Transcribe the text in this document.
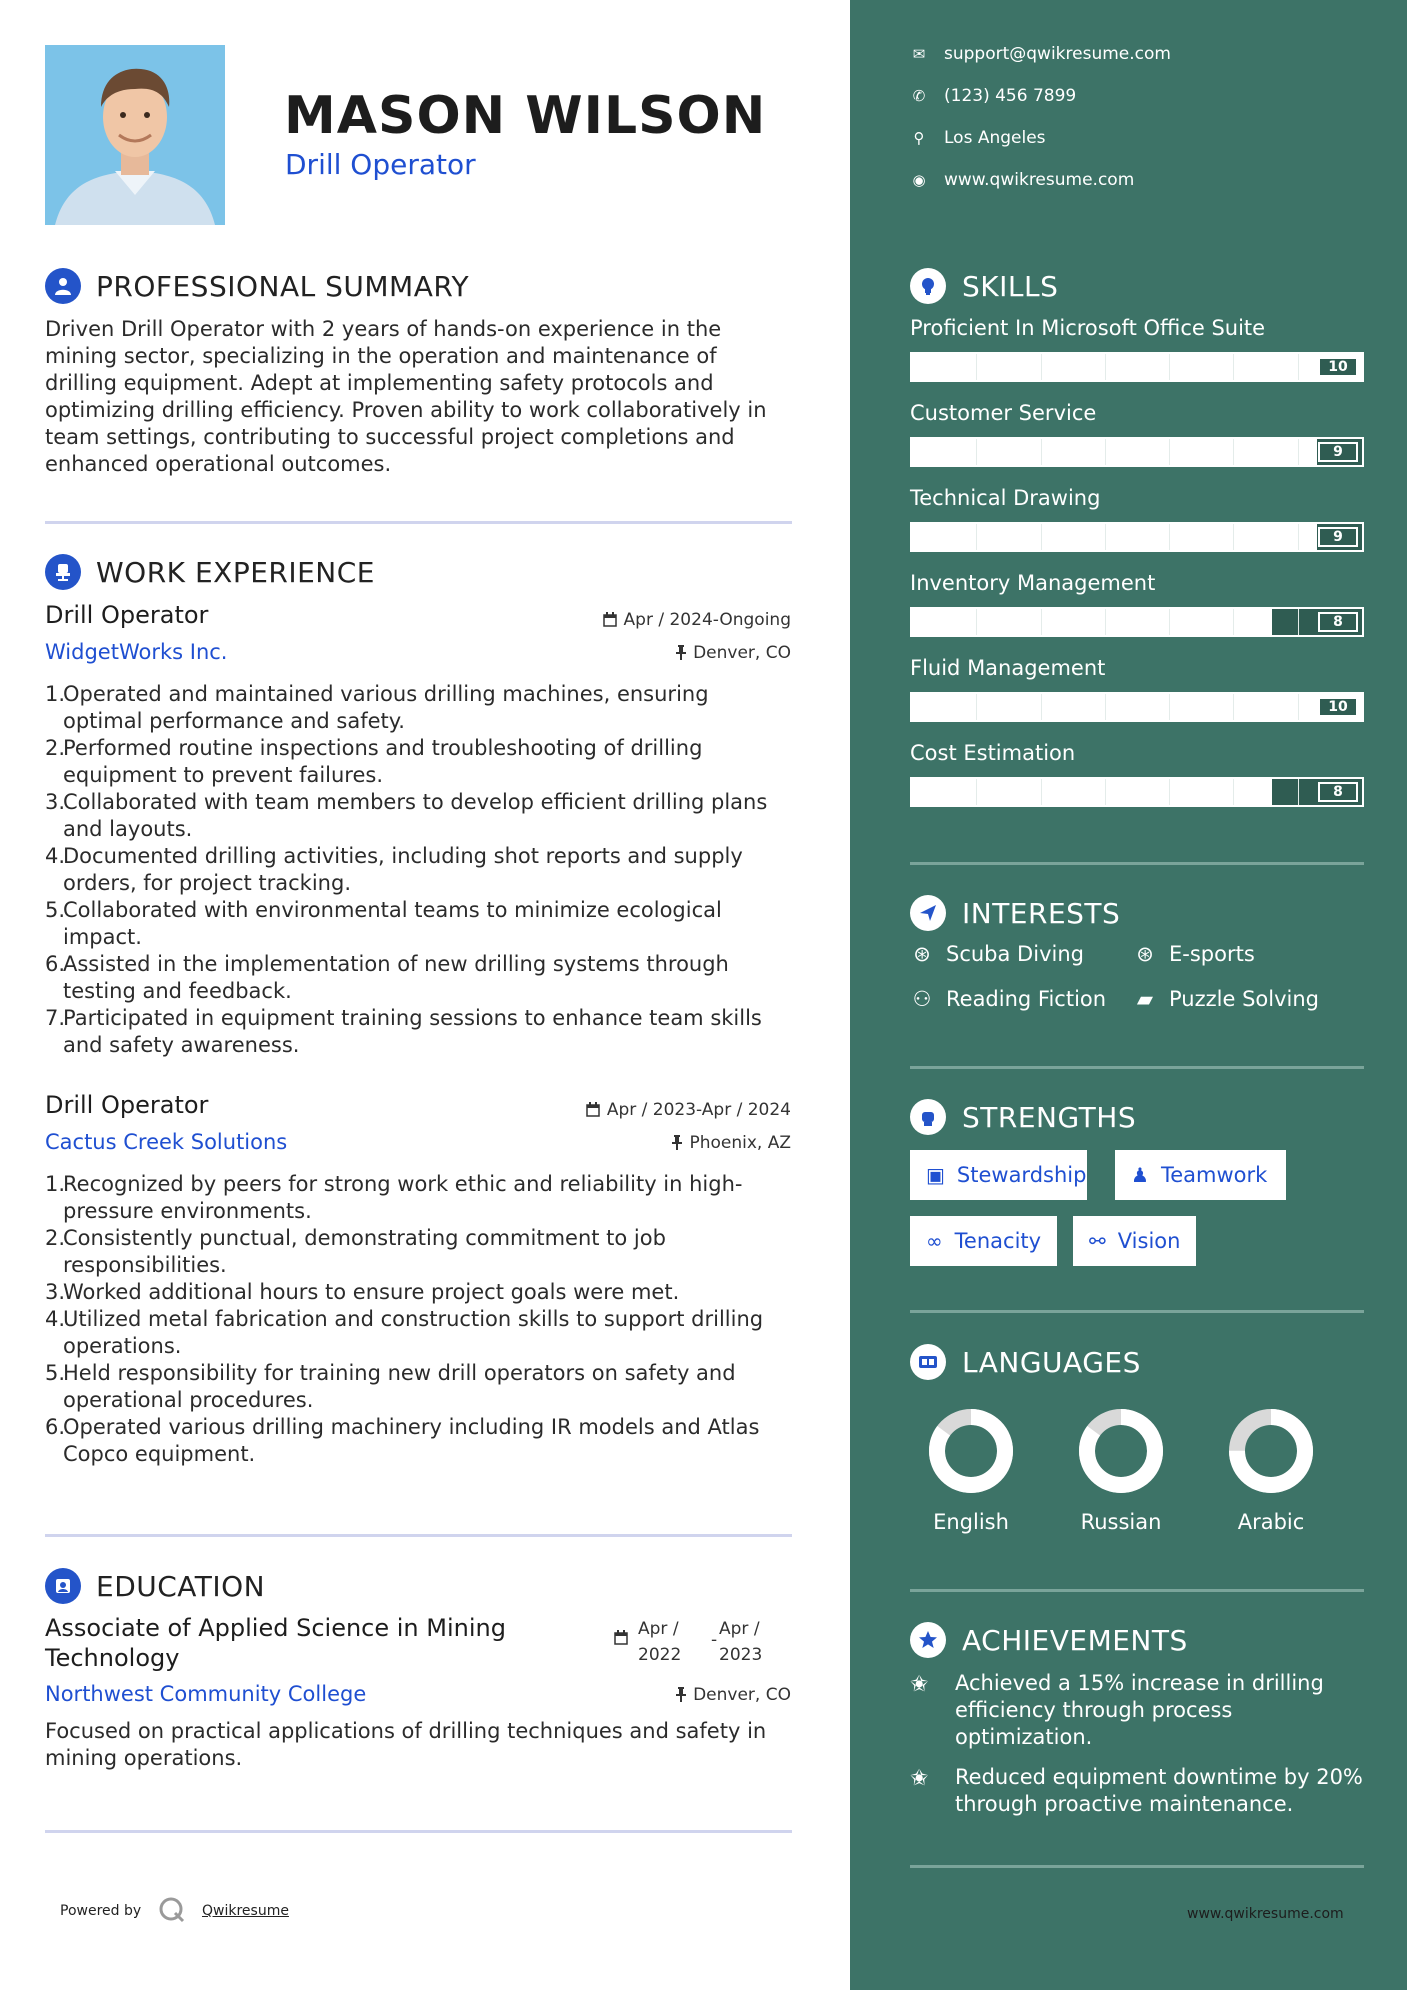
MASON WILSON
Drill Operator
PROFESSIONAL SUMMARY
Driven Drill Operator with 2 years of hands-on experience in the mining sector, specializing in the operation and maintenance of drilling equipment. Adept at implementing safety protocols and optimizing drilling efficiency. Proven ability to work collaboratively in team settings, contributing to successful project completions and enhanced operational outcomes.
WORK EXPERIENCE
Drill Operator
WidgetWorks Inc.
Apr / 2024-Ongoing
Denver, CO
Operated and maintained various drilling machines, ensuring optimal performance and safety.
Performed routine inspections and troubleshooting of drilling equipment to prevent failures.
Collaborated with team members to develop efficient drilling plans and layouts.
Documented drilling activities, including shot reports and supply orders, for project tracking.
Collaborated with environmental teams to minimize ecological impact.
Assisted in the implementation of new drilling systems through testing and feedback.
Participated in equipment training sessions to enhance team skills and safety awareness.
Drill Operator
Cactus Creek Solutions
Apr / 2023-Apr / 2024
Phoenix, AZ
Recognized by peers for strong work ethic and reliability in high-pressure environments.
Consistently punctual, demonstrating commitment to job responsibilities.
Worked additional hours to ensure project goals were met.
Utilized metal fabrication and construction skills to support drilling operations.
Held responsibility for training new drill operators on safety and operational procedures.
Operated various drilling machinery including IR models and Atlas Copco equipment.
EDUCATION
Associate of Applied Science in Mining Technology
Northwest Community College
Apr /
2022
-
Apr /
2023
Denver, CO
Focused on practical applications of drilling techniques and safety in mining operations.
Powered by	Qwikresume
✉ support@qwikresume.com
✆ (123) 456 7899
⚲ Los Angeles
◉ www.qwikresume.com
SKILLS
Proficient In Microsoft Office Suite
10
Customer Service
9
Technical Drawing
9
Inventory Management
8
Fluid Management
10
Cost Estimation
8
INTERESTS
⊛ Scuba Diving ⊛ E-sports
⚇ Reading Fiction ▰ Puzzle Solving
STRENGTHS
▣ Stewardship ♟ Teamwork
∞ Tenacity ⚯ Vision
LANGUAGES
English	Russian	Arabic
ACHIEVEMENTS
✬ Achieved a 15% increase in drilling efficiency through process optimization.
✬ Reduced equipment downtime by 20% through proactive maintenance.
www.qwikresume.com
